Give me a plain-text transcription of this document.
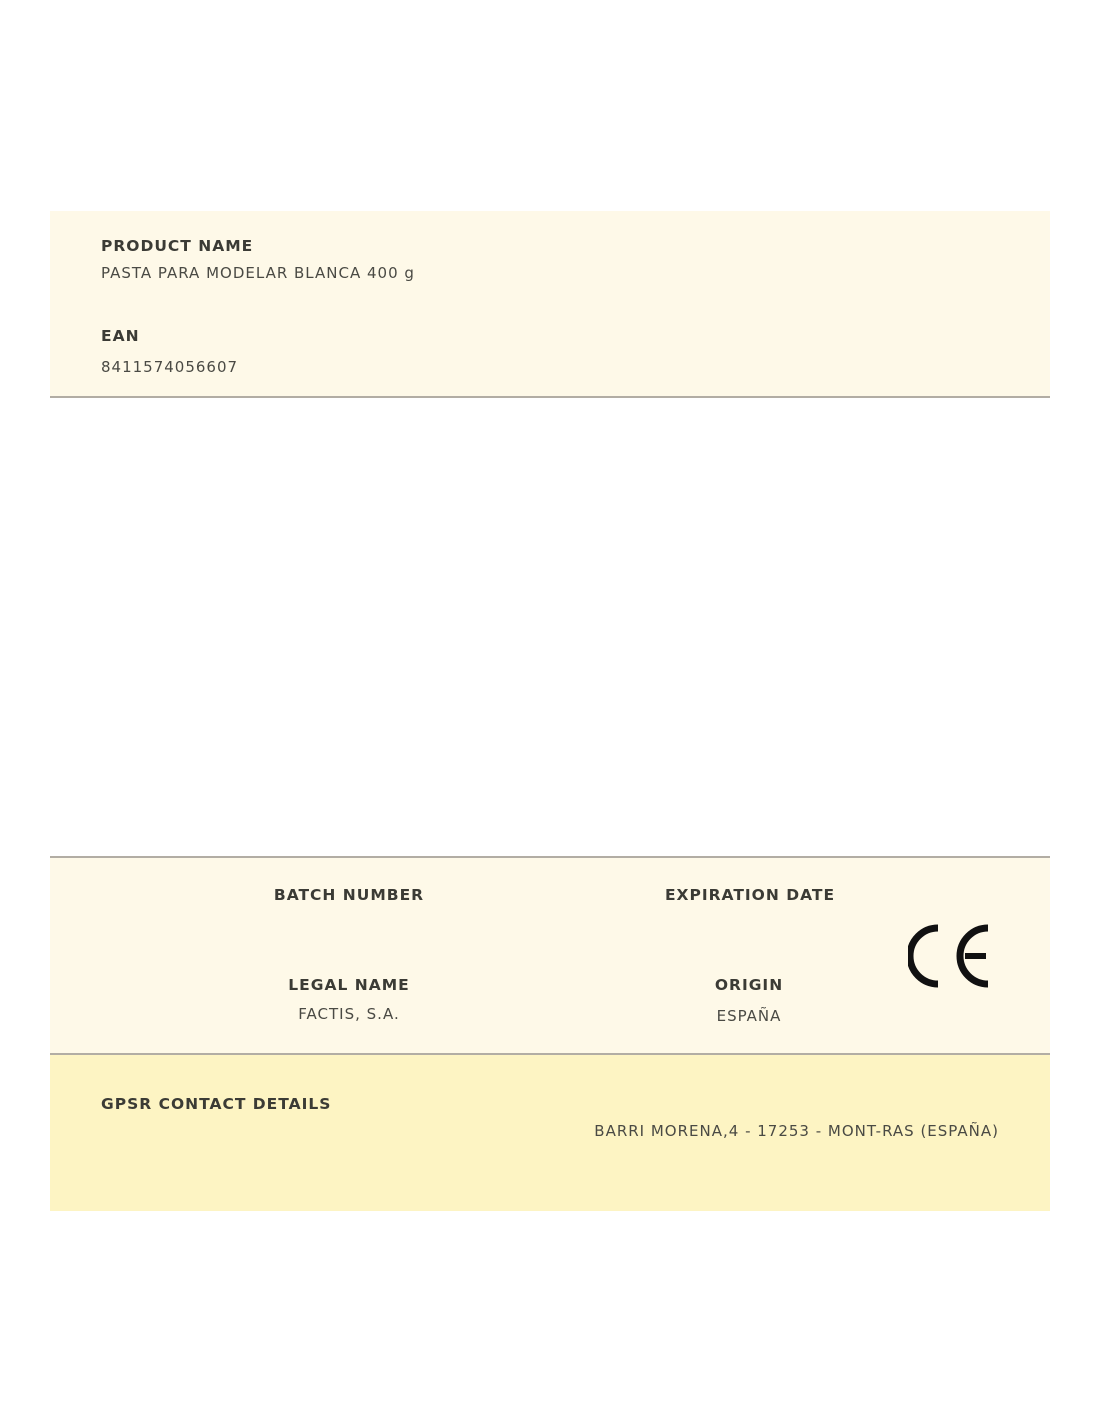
PRODUCT NAME
PASTA PARA MODELAR BLANCA 400 g
EAN
8411574056607
BATCH NUMBER	EXPIRATION DATE
LEGAL NAME
FACTIS, S.A.
ORIGIN
ESPAÑA
GPSR CONTACT DETAILS
BARRI MORENA,4 - 17253 - MONT-RAS (ESPAÑA)
